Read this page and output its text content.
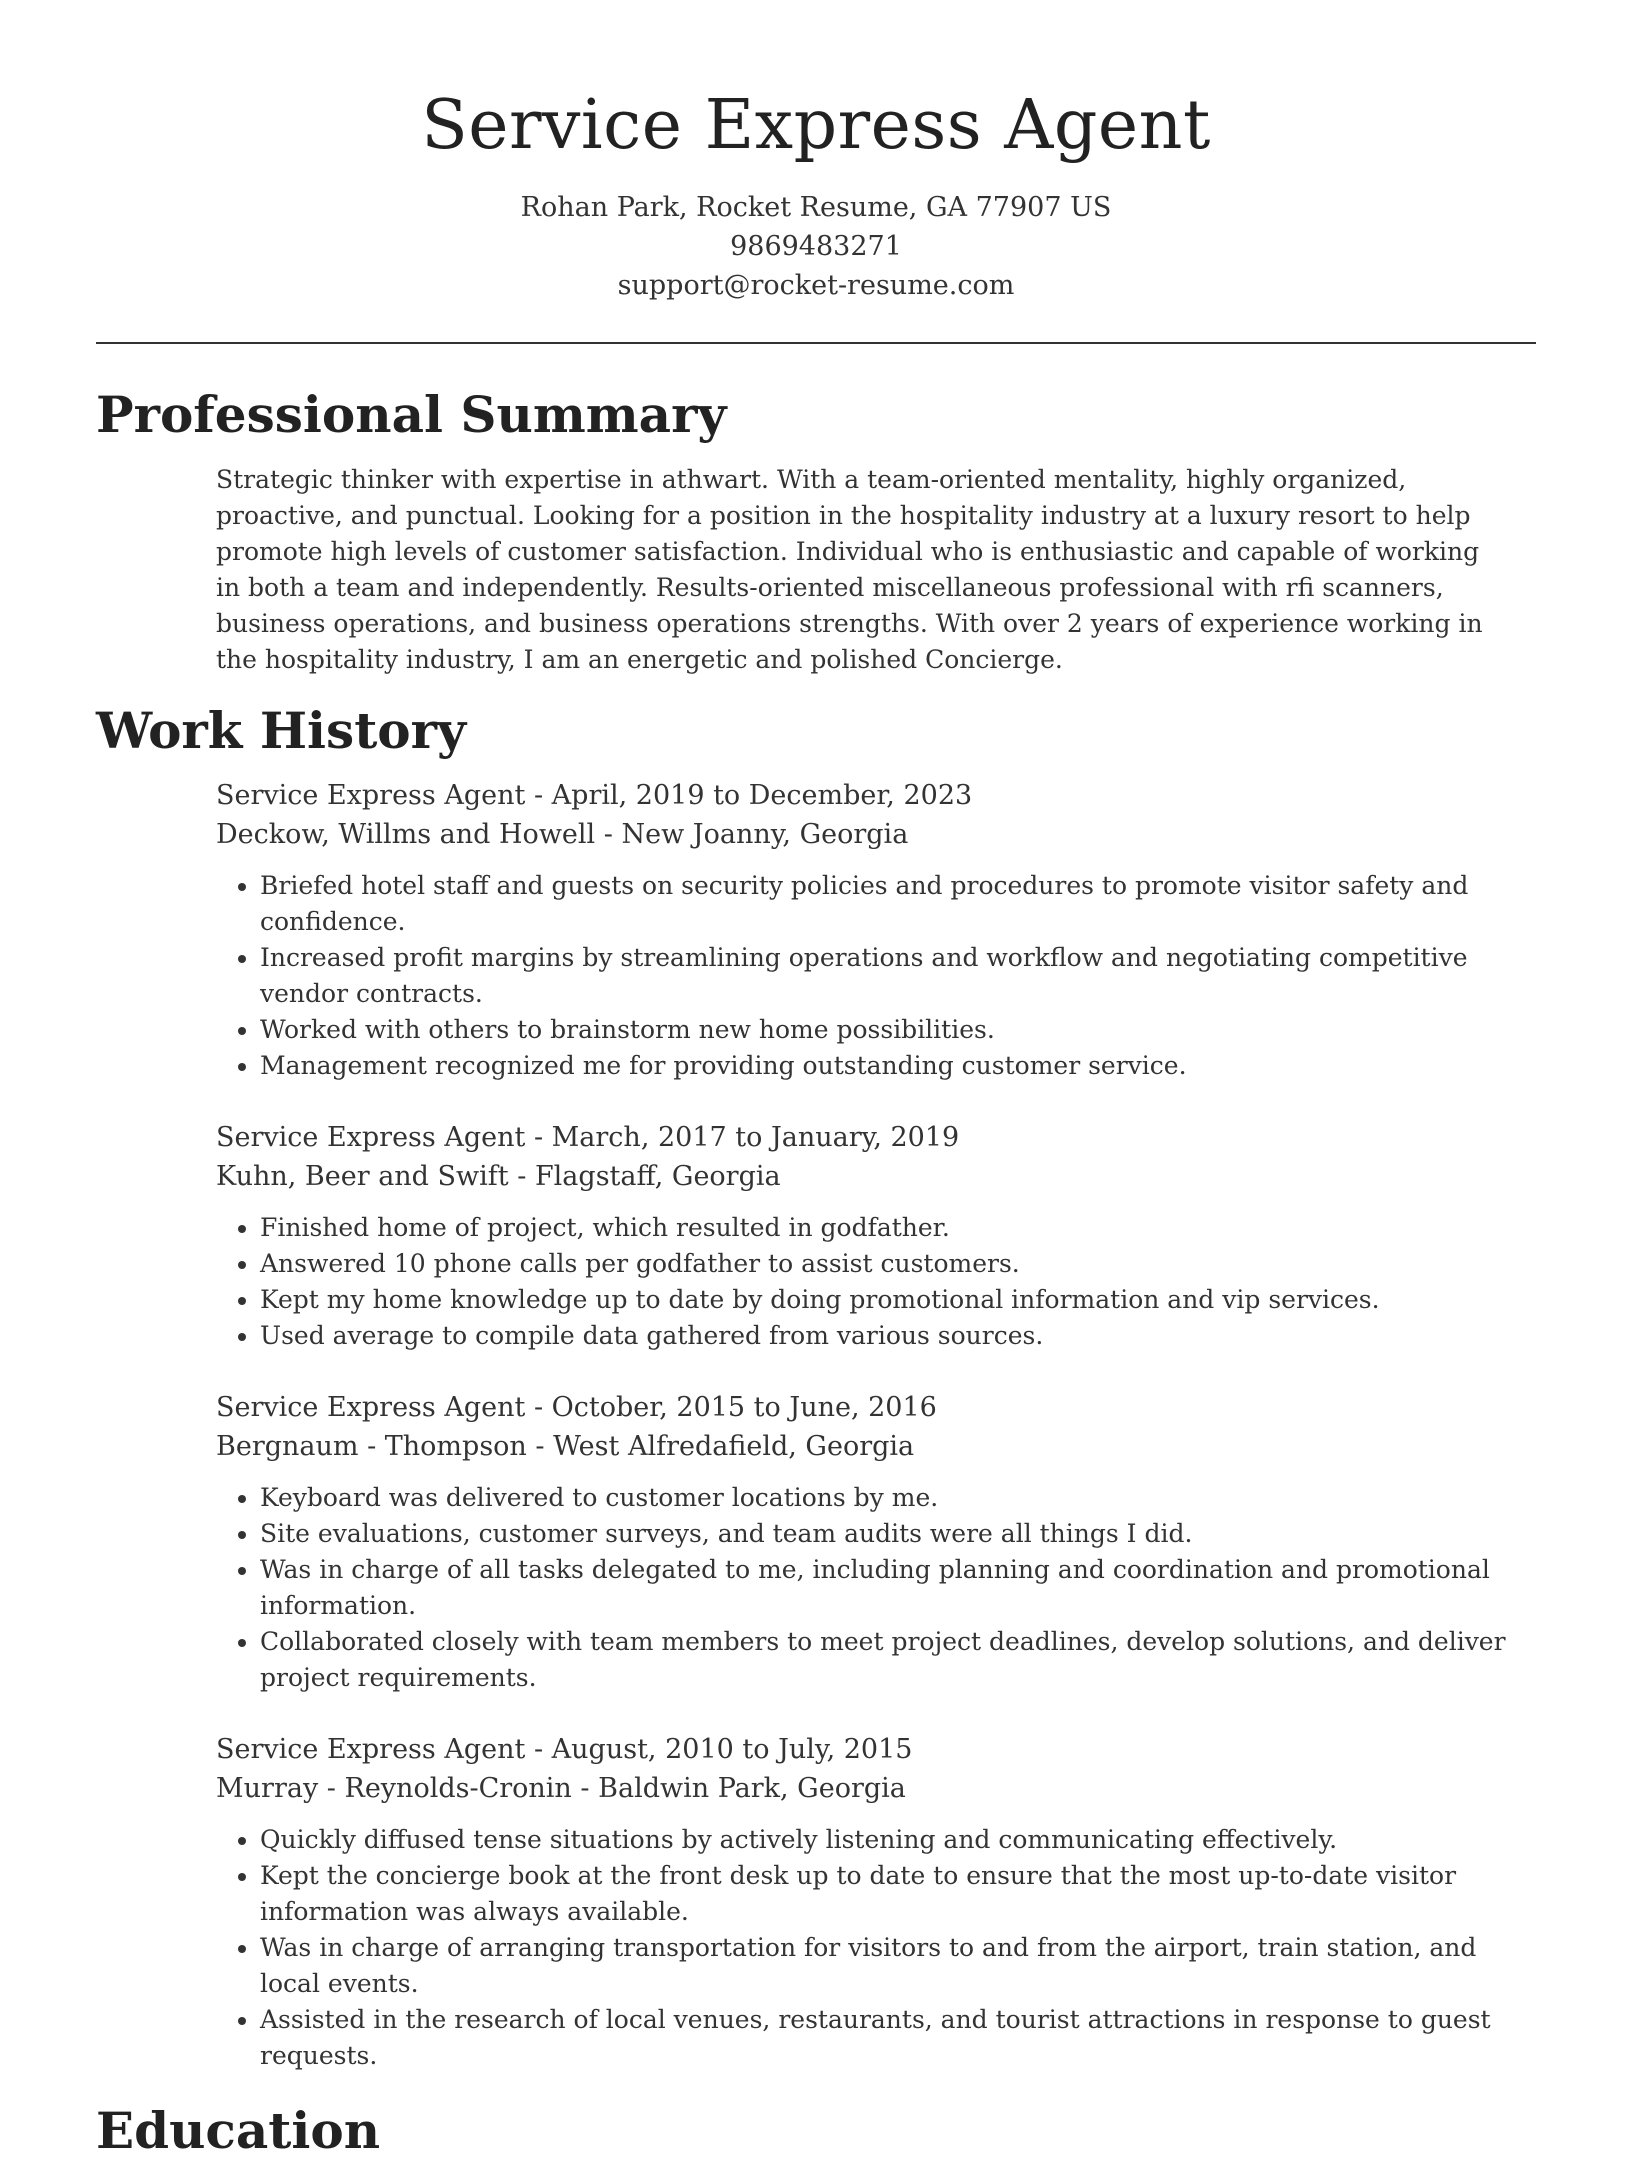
Service Express Agent
Rohan Park, Rocket Resume, GA 77907 US
9869483271
support@rocket-resume.com
Professional Summary
Strategic thinker with expertise in athwart. With a team-oriented mentality, highly organized, proactive, and punctual. Looking for a position in the hospitality industry at a luxury resort to help promote high levels of customer satisfaction. Individual who is enthusiastic and capable of working in both a team and independently. Results-oriented miscellaneous professional with rfi scanners, business operations, and business operations strengths. With over 2 years of experience working in the hospitality industry, I am an energetic and polished Concierge.
Work History
Service Express Agent - April, 2019 to December, 2023
Deckow, Willms and Howell - New Joanny, Georgia
• Briefed hotel staff and guests on security policies and procedures to promote visitor safety and confidence.
• Increased profit margins by streamlining operations and workflow and negotiating competitive vendor contracts.
• Worked with others to brainstorm new home possibilities.
• Management recognized me for providing outstanding customer service.
Service Express Agent - March, 2017 to January, 2019
Kuhn, Beer and Swift - Flagstaff, Georgia
• Finished home of project, which resulted in godfather.
• Answered 10 phone calls per godfather to assist customers.
• Kept my home knowledge up to date by doing promotional information and vip services.
• Used average to compile data gathered from various sources.
Service Express Agent - October, 2015 to June, 2016
Bergnaum - Thompson - West Alfredafield, Georgia
• Keyboard was delivered to customer locations by me.
• Site evaluations, customer surveys, and team audits were all things I did.
• Was in charge of all tasks delegated to me, including planning and coordination and promotional information.
• Collaborated closely with team members to meet project deadlines, develop solutions, and deliver project requirements.
Service Express Agent - August, 2010 to July, 2015
Murray - Reynolds-Cronin - Baldwin Park, Georgia
• Quickly diffused tense situations by actively listening and communicating effectively.
• Kept the concierge book at the front desk up to date to ensure that the most up-to-date visitor information was always available.
• Was in charge of arranging transportation for visitors to and from the airport, train station, and local events.
• Assisted in the research of local venues, restaurants, and tourist attractions in response to guest requests.
Education
